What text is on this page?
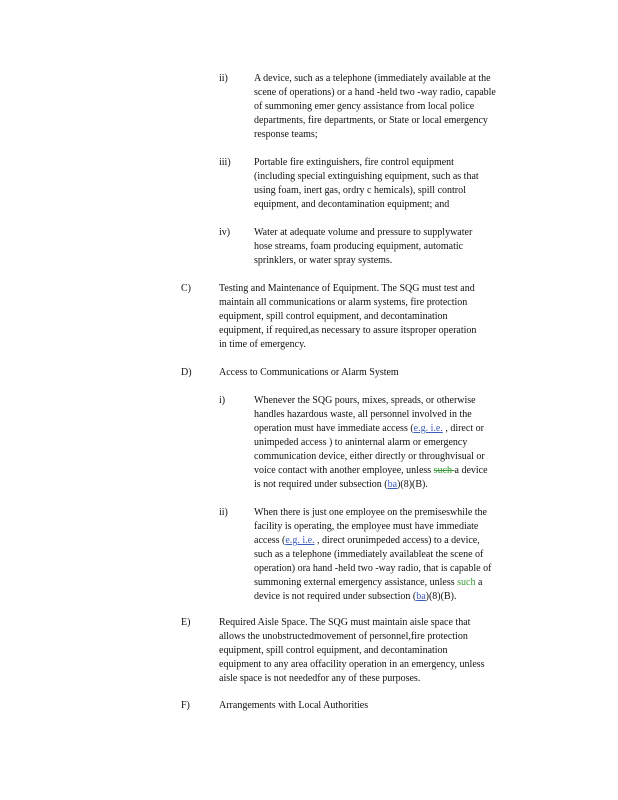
ii)	A device, such as a telephone (immediately available at the
scene of operations) or a hand -held two -way radio, capable
of summoning emer gency assistance from local police
departments, fire departments, or State or local emergency
response teams;
iii) Portable fire extinguishers, fire control equipment
(including special extinguishing equipment, such as that
using foam, inert gas, ordry c hemicals), spill control
equipment, and decontamination equipment; and
iv) Water at adequate volume and pressure to supplywater
hose streams, foam producing equipment, automatic
sprinklers, or water spray systems.
C)	Testing and Maintenance of Equipment. The SQG must test and
maintain all communications or alarm systems, fire protection
equipment, spill control equipment, and decontamination
equipment, if required,as necessary to assure itsproper operation
in time of emergency.
D)	Access to Communications or Alarm System
i)	Whenever the SQG pours, mixes, spreads, or otherwise
handles hazardous waste, all personnel involved in the
operation must have immediate access (e.g. i.e. , direct or
unimpeded access ) to aninternal alarm or emergency
communication device, either directly or throughvisual or
voice contact with another employee, unless such a device
is not required under subsection (ba)(8)(B).
ii)	When there is just one employee on the premiseswhile the
facility is operating, the employee must have immediate
access (e.g. i.e. , direct orunimpeded access) to a device,
such as a telephone (immediately availableat the scene of
operation) ora hand -held two -way radio, that is capable of
summoning external emergency assistance, unless such a
device is not required under subsection (ba)(8)(B).
E)	Required Aisle Space. The SQG must maintain aisle space that
allows the unobstructedmovement of personnel,fire protection
equipment, spill control equipment, and decontamination
equipment to any area offacility operation in an emergency, unless
aisle space is not neededfor any of these purposes.
F)	Arrangements with Local Authorities
